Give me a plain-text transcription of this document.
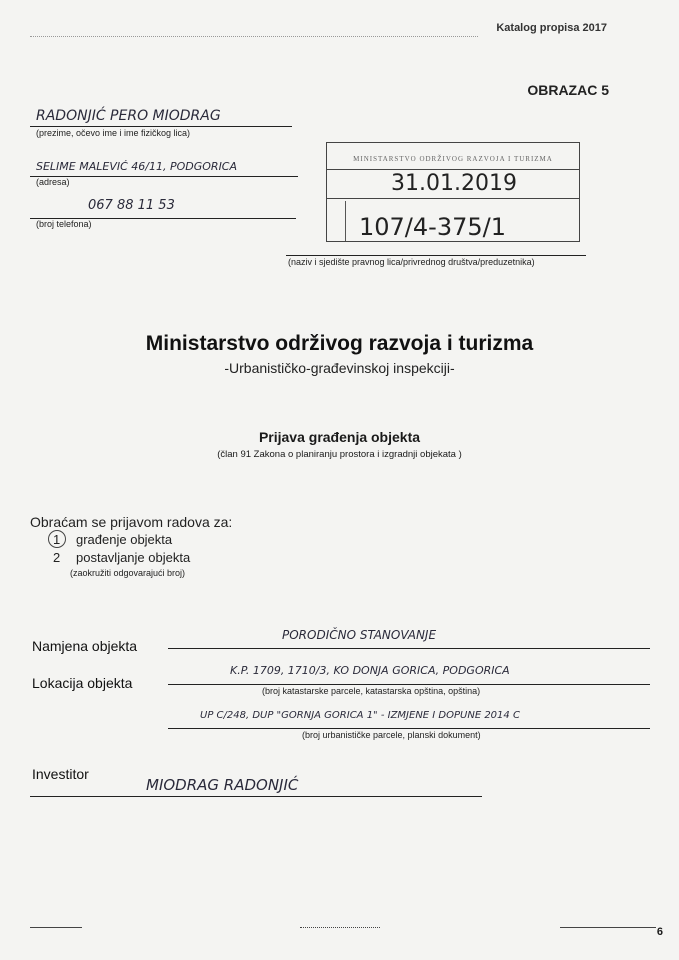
Katalog propisa 2017
OBRAZAC 5
RADONJIĆ PERO MIODRAG
(prezime, očevo ime i ime fizičkog lica)
SELIME MALEVIĆ 46/11, PODGORICA
(adresa)
067 88 11 53
(broj telefona)
MINISTARSTVO ODRŽIVOG RAZVOJA I TURIZMA
31.01.2019
107/4-375/1
(naziv i sjedište pravnog lica/privrednog društva/preduzetnika)
Ministarstvo održivog razvoja i turizma
-Urbanističko-građevinskoj inspekciji-
Prijava građenja objekta
(član 91 Zakona o planiranju prostora i izgradnji objekata )
Obraćam se prijavom radova za:
1 građenje objekta
2 postavljanje objekta
(zaokružiti odgovarajući broj)
Namjena objekta
PORODIČNO STANOVANJE
Lokacija objekta
K.P. 1709, 1710/3, KO DONJA GORICA, PODGORICA
(broj katastarske parcele, katastarska opština, opština)
UP C/248, DUP "GORNJA GORICA 1" - IZMJENE I DOPUNE 2014 C
(broj urbanističke parcele, planski dokument)
Investitor
MIODRAG RADONJIĆ
6
